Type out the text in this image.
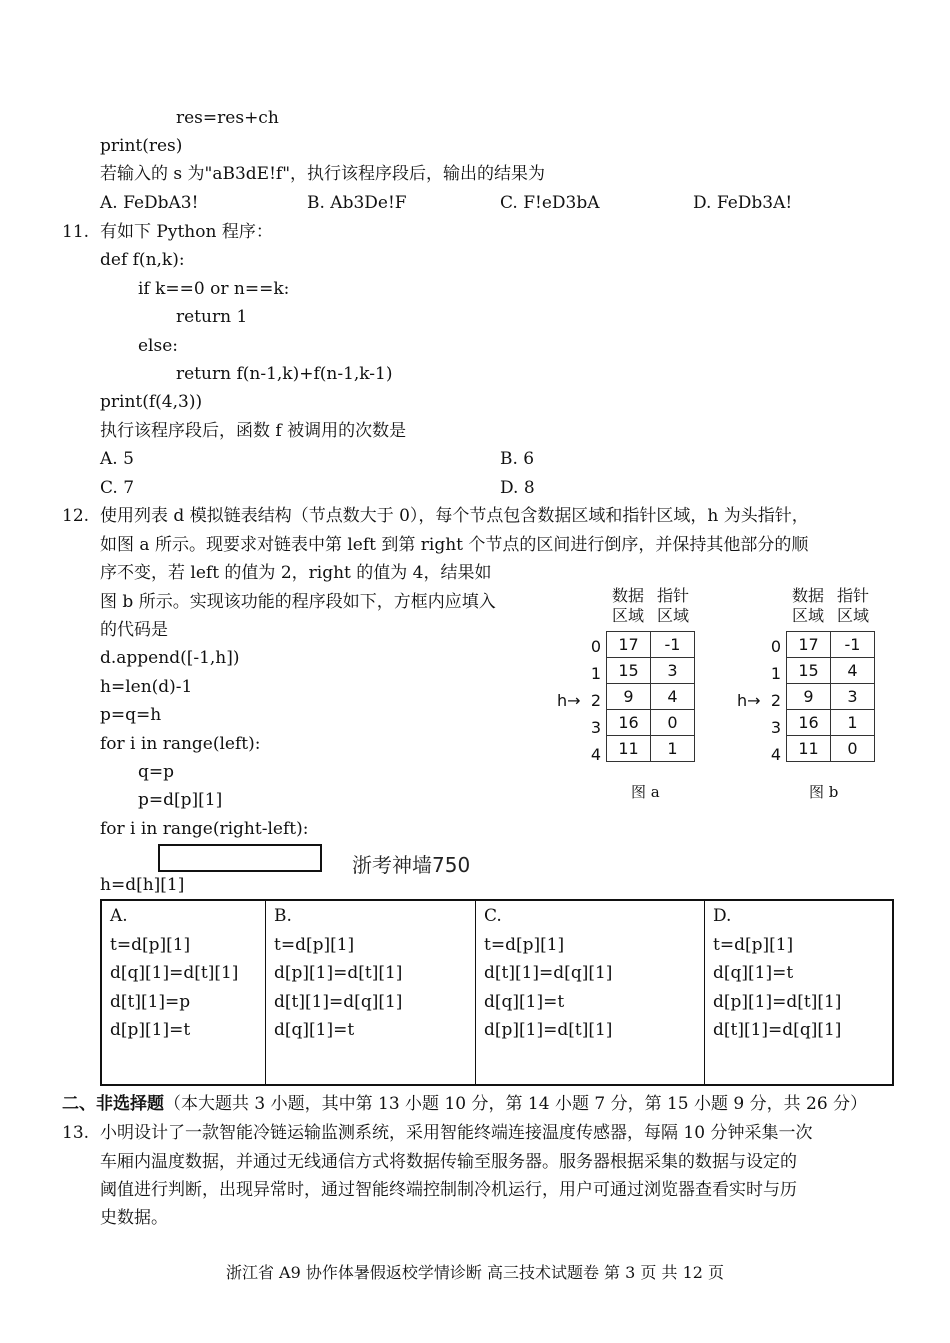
res=res+ch
print(res)
若输入的 s 为"aB3dE!f"，执行该程序段后，输出的结果为
A. FeDbA3!	B. Ab3De!F	C. F!eD3bA	D. FeDb3A!
11. 有如下 Python 程序：
def f(n,k):
if k==0 or n==k:
return 1
else:
return f(n-1,k)+f(n-1,k-1)
print(f(4,3))
执行该程序段后，函数 f 被调用的次数是
A. 5	B. 6
C. 7	D. 8
12. 使用列表 d 模拟链表结构（节点数大于 0），每个节点包含数据区域和指针区域，h 为头指针，
如图 a 所示。现要求对链表中第 left 到第 right 个节点的区间进行倒序，并保持其他部分的顺
序不变，若 left 的值为 2，right 的值为 4，结果如
图 b 所示。实现该功能的程序段如下，方框内应填入
的代码是
d.append([-1,h])
h=len(d)-1
p=q=h
for i in range(left):
q=p
p=d[p][1]
for i in range(right-left):
浙考神墙750
h=d[h][1]
数据
区域
指针
区域
0
1
2
3
4
h→
17	-1
15	3
9	4
16	0
11	1
图 a
数据
区域
指针
区域
0
1
2
3
4
h→
17	-1
15	4
9	3
16	1
11	0
图 b
A.
t=d[p][1]
d[q][1]=d[t][1]
d[t][1]=p
d[p][1]=t
B.
t=d[p][1]
d[p][1]=d[t][1]
d[t][1]=d[q][1]
d[q][1]=t
C.
t=d[p][1]
d[t][1]=d[q][1]
d[q][1]=t
d[p][1]=d[t][1]
D.
t=d[p][1]
d[q][1]=t
d[p][1]=d[t][1]
d[t][1]=d[q][1]
二、非选择题（本大题共 3 小题，其中第 13 小题 10 分，第 14 小题 7 分，第 15 小题 9 分，共 26 分）
13. 小明设计了一款智能冷链运输监测系统，采用智能终端连接温度传感器，每隔 10 分钟采集一次
车厢内温度数据，并通过无线通信方式将数据传输至服务器。服务器根据采集的数据与设定的
阈值进行判断，出现异常时，通过智能终端控制制冷机运行，用户可通过浏览器查看实时与历
史数据。
浙江省 A9 协作体暑假返校学情诊断 高三技术试题卷 第 3 页 共 12 页
